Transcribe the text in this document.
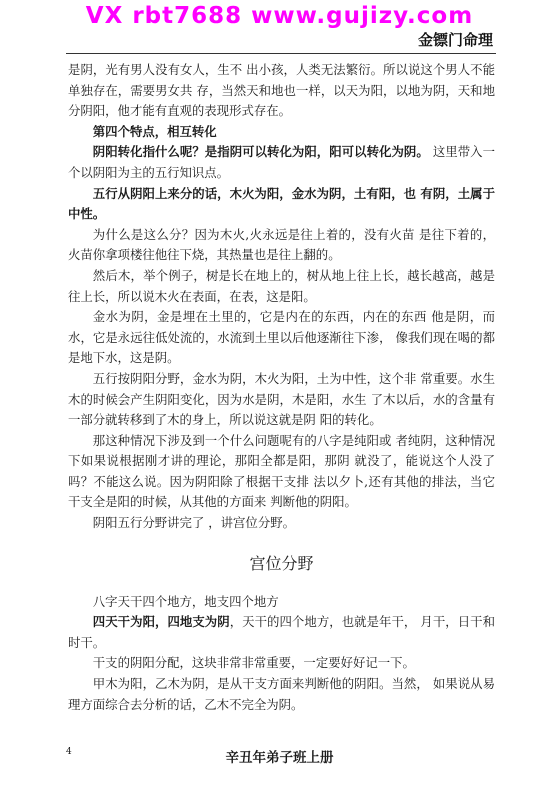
VX rbt7688 www.gujizy.com
金镖门命理

是阴，光有男人没有女人，生不 出小孩，人类无法繁衍。所以说这个男人不能单独存在，需要男女共 存，当然天和地也一样，以天为阳，以地为阴，天和地分阴阳，他才能有直观的表现形式存在。

第四个特点，相互转化

阴阳转化指什么呢？是指阴可以转化为阳，阳可以转化为阴。 这里带入一个以阴阳为主的五行知识点。

五行从阴阳上来分的话，木火为阳，金水为阴，土有阳，也 有阴，土属于中性。

为什么是这么分？因为木火,火永远是往上着的，没有火苗 是往下着的，火苗你拿项楼往他往下烧，其热量也是往上翻的。

然后木，举个例子，树是长在地上的，树从地上往上长，越长越高，越是往上长，所以说木火在表面，在表，这是阳。

金水为阴，金是埋在土里的，它是内在的东西，内在的东西 他是阴，而水，它是永远往低处流的，水流到土里以后他逐渐往下渗， 像我们现在喝的都是地下水，这是阴。

五行按阴阳分野，金水为阴，木火为阳，土为中性，这个非 常重要。水生木的时候会产生阴阳变化，因为水是阴，木是阳，水生 了木以后，水的含量有一部分就转移到了木的身上，所以说这就是阴 阳的转化。

那这种情况下涉及到一个什么问题呢有的八字是纯阳或 者纯阴，这种情况下如果说根据刚才讲的理论，那阳全都是阳，那阴 就没了，能说这个人没了吗？不能这么说。因为阴阳除了根据干支排 法以夕卜,还有其他的排法，当它干支全是阳的时候，从其他的方面来 判断他的阴阳。

阴阳五行分野讲完了 ，讲宫位分野。

宫位分野

八字天干四个地方，地支四个地方

四天干为阳，四地支为阴，天干的四个地方，也就是年干， 月干，日干和时干。

干支的阴阳分配，这块非常非常重要，一定要好好记一下。

甲木为阳，乙木为阴，是从干支方面来判断他的阴阳。当然， 如果说从易理方面综合去分析的话，乙木不完全为阴。

4	辛丑年弟子班上册
